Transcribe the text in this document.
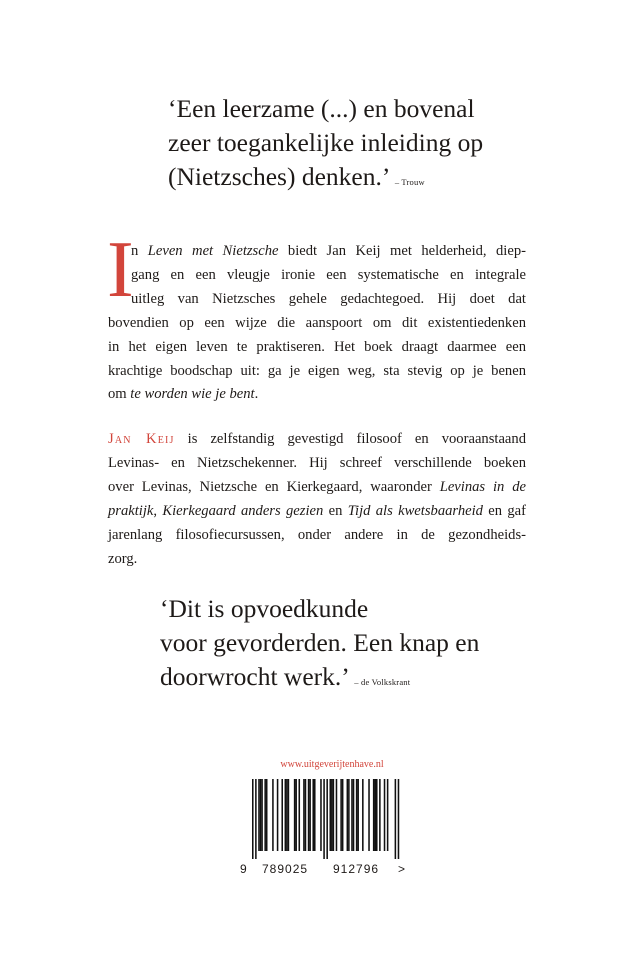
‘Een leerzame (...) en bovenal
zeer toegankelijke inleiding op
(Nietzsches) denken.’ – Trouw
I
n Leven met Nietzsche biedt Jan Keij met helderheid, diep-
gang en een vleugje ironie een systematische en integrale
uitleg van Nietzsches gehele gedachtegoed. Hij doet dat
bovendien op een wijze die aanspoort om dit existentiedenken
in het eigen leven te praktiseren. Het boek draagt daarmee een
krachtige boodschap uit: ga je eigen weg, sta stevig op je benen
om te worden wie je bent.
Jan Keij is zelfstandig gevestigd filosoof en vooraanstaand
Levinas- en Nietzschekenner. Hij schreef verschillende boeken
over Levinas, Nietzsche en Kierkegaard, waaronder Levinas in de
praktijk, Kierkegaard anders gezien en Tijd als kwetsbaarheid en gaf
jarenlang filosofiecursussen, onder andere in de gezondheids-
zorg.
‘Dit is opvoedkunde
voor gevorderden. Een knap en
doorwrocht werk.’ – de Volkskrant
www.uitgeverijtenhave.nl
9 789025 912796 >
